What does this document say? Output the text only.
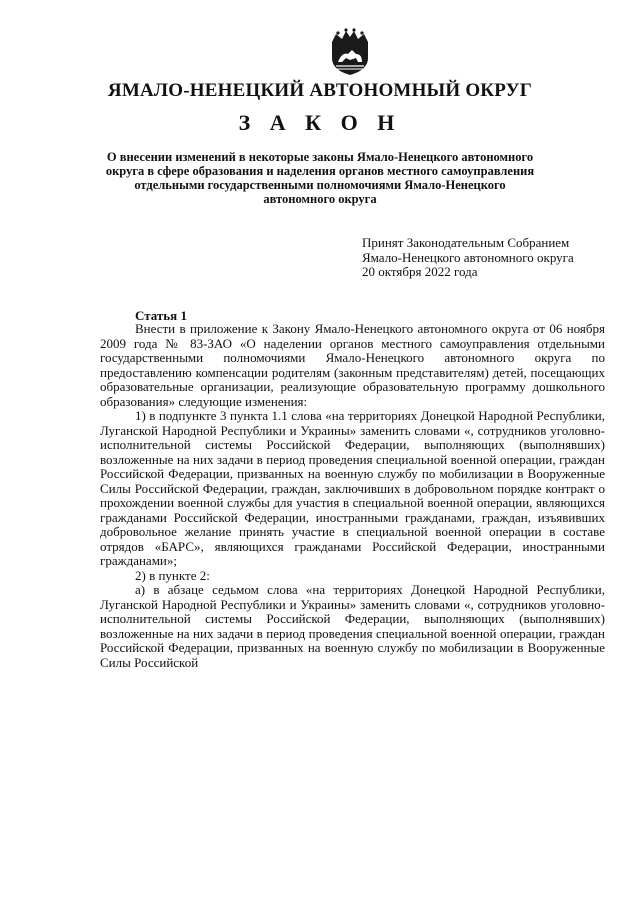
ЯМАЛО-НЕНЕЦКИЙ АВТОНОМНЫЙ ОКРУГ
З А К О Н
О внесении изменений в некоторые законы Ямало-Ненецкого автономного округа в сфере образования и наделения органов местного самоуправления отдельными государственными полномочиями Ямало-Ненецкого автономного округа
Принят Законодательным Собранием
Ямало-Ненецкого автономного округа
20 октября 2022 года
Статья 1

Внести в приложение к Закону Ямало-Ненецкого автономного округа от 06 ноября 2009 года № 83-ЗАО «О наделении органов местного самоуправления отдельными государственными полномочиями Ямало-Ненецкого автономного округа по предоставлению компенсации родителям (законным представителям) детей, посещающих образовательные организации, реализующие образовательную программу дошкольного образования» следующие изменения:

1) в подпункте 3 пункта 1.1 слова «на территориях Донецкой Народной Республики, Луганской Народной Республики и Украины» заменить словами «, сотрудников уголовно-исполнительной системы Российской Федерации, выполняющих (выполнявших) возложенные на них задачи в период проведения специальной военной операции, граждан Российской Федерации, призванных на военную службу по мобилизации в Вооруженные Силы Российской Федерации, граждан, заключивших в добровольном порядке контракт о прохождении военной службы для участия в специальной военной операции, являющихся гражданами Российской Федерации, иностранными гражданами, граждан, изъявивших добровольное желание принять участие в специальной военной операции в составе отрядов «БАРС», являющихся гражданами Российской Федерации, иностранными гражданами»;

2) в пункте 2:

а) в абзаце седьмом слова «на территориях Донецкой Народной Республики, Луганской Народной Республики и Украины» заменить словами «, сотрудников уголовно-исполнительной системы Российской Федерации, выполняющих (выполнявших) возложенные на них задачи в период проведения специальной военной операции, граждан Российской Федерации, призванных на военную службу по мобилизации в Вооруженные Силы Российской
